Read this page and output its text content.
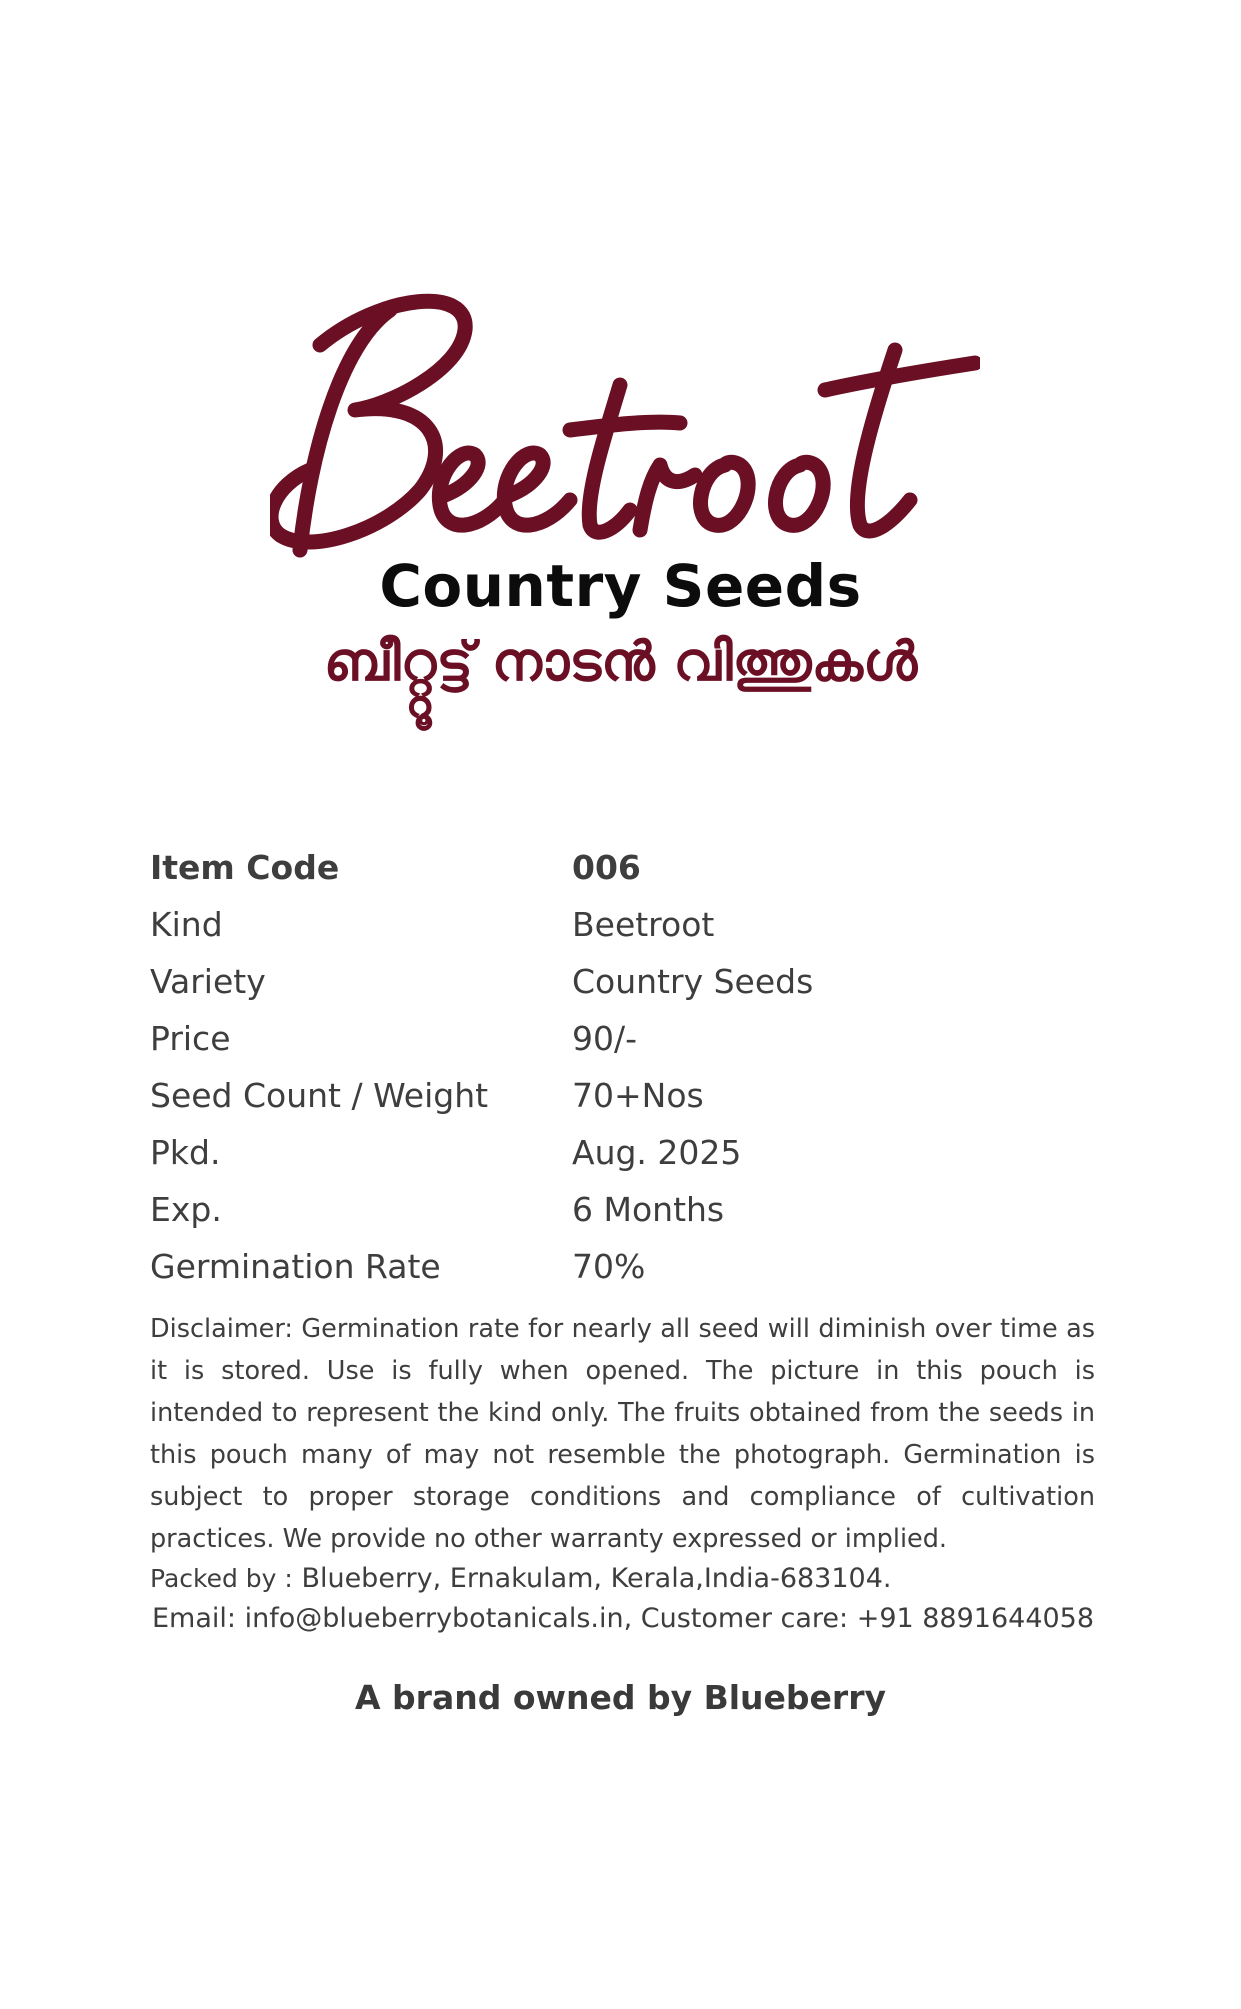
Country Seeds
ബീറ്റ്റൂട്ട് നാടൻ വിത്തുകൾ
Item Code	006
Kind	Beetroot
Variety	Country Seeds
Price	90/-
Seed Count / Weight	70+Nos
Pkd.	Aug. 2025
Exp.	6 Months
Germination Rate	70%
Disclaimer: Germination rate for nearly all seed will diminish over time as it is stored. Use is fully when opened. The picture in this pouch is intended to represent the kind only. The fruits obtained from the seeds in this pouch many of may not resemble the photograph. Germination is subject to proper storage conditions and compliance of cultivation practices. We provide no other warranty expressed or implied.
Packed by : Blueberry, Ernakulam, Kerala,India-683104.
Email: info@blueberrybotanicals.in, Customer care: +91 8891644058
A brand owned by Blueberry
